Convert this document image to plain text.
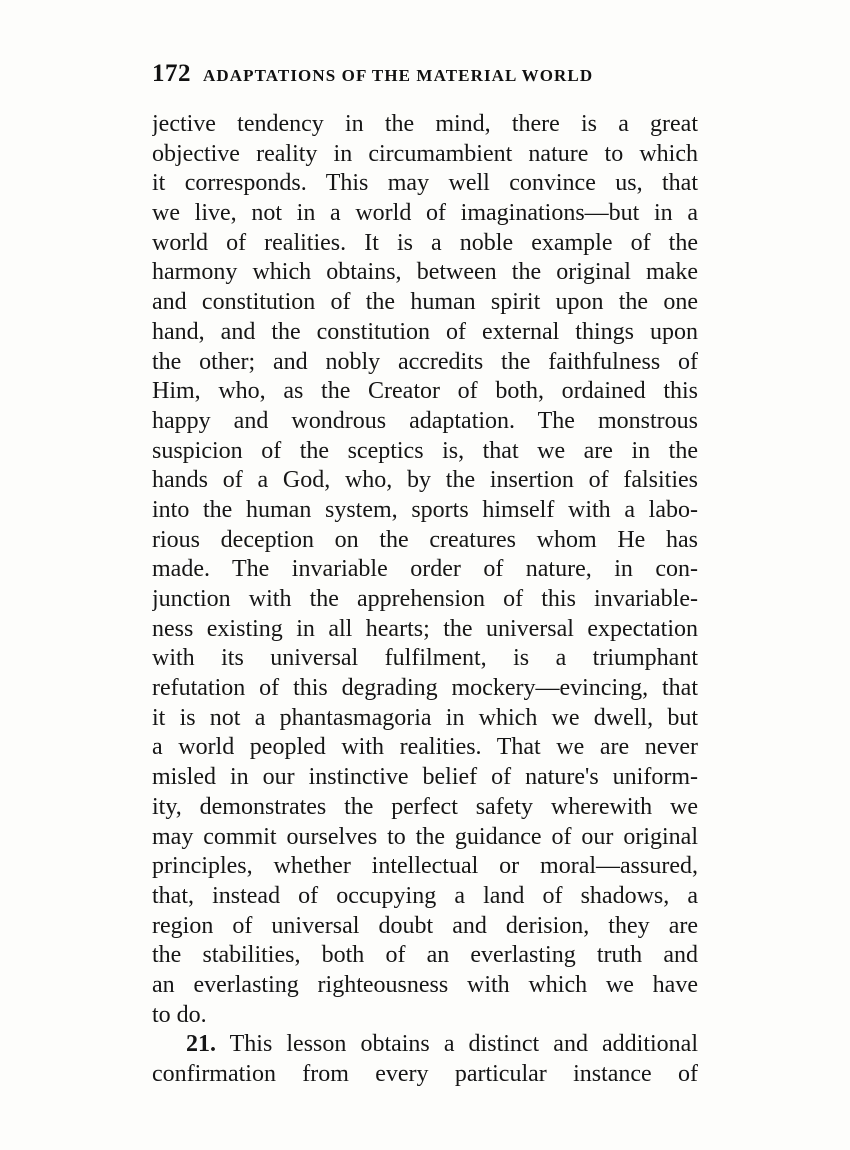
172 ADAPTATIONS OF THE MATERIAL WORLD
jective tendency in the mind, there is a great
objective reality in circumambient nature to which
it corresponds. This may well convince us, that
we live, not in a world of imaginations—but in a
world of realities. It is a noble example of the
harmony which obtains, between the original make
and constitution of the human spirit upon the one
hand, and the constitution of external things upon
the other; and nobly accredits the faithfulness of
Him, who, as the Creator of both, ordained this
happy and wondrous adaptation. The monstrous
suspicion of the sceptics is, that we are in the
hands of a God, who, by the insertion of falsities
into the human system, sports himself with a labo-
rious deception on the creatures whom He has
made. The invariable order of nature, in con-
junction with the apprehension of this invariable-
ness existing in all hearts; the universal expectation
with its universal fulfilment, is a triumphant
refutation of this degrading mockery—evincing, that
it is not a phantasmagoria in which we dwell, but
a world peopled with realities. That we are never
misled in our instinctive belief of nature's uniform-
ity, demonstrates the perfect safety wherewith we
may commit ourselves to the guidance of our original
principles, whether intellectual or moral—assured,
that, instead of occupying a land of shadows, a
region of universal doubt and derision, they are
the stabilities, both of an everlasting truth and
an everlasting righteousness with which we have
to do.
21. This lesson obtains a distinct and additional
confirmation from every particular instance of
